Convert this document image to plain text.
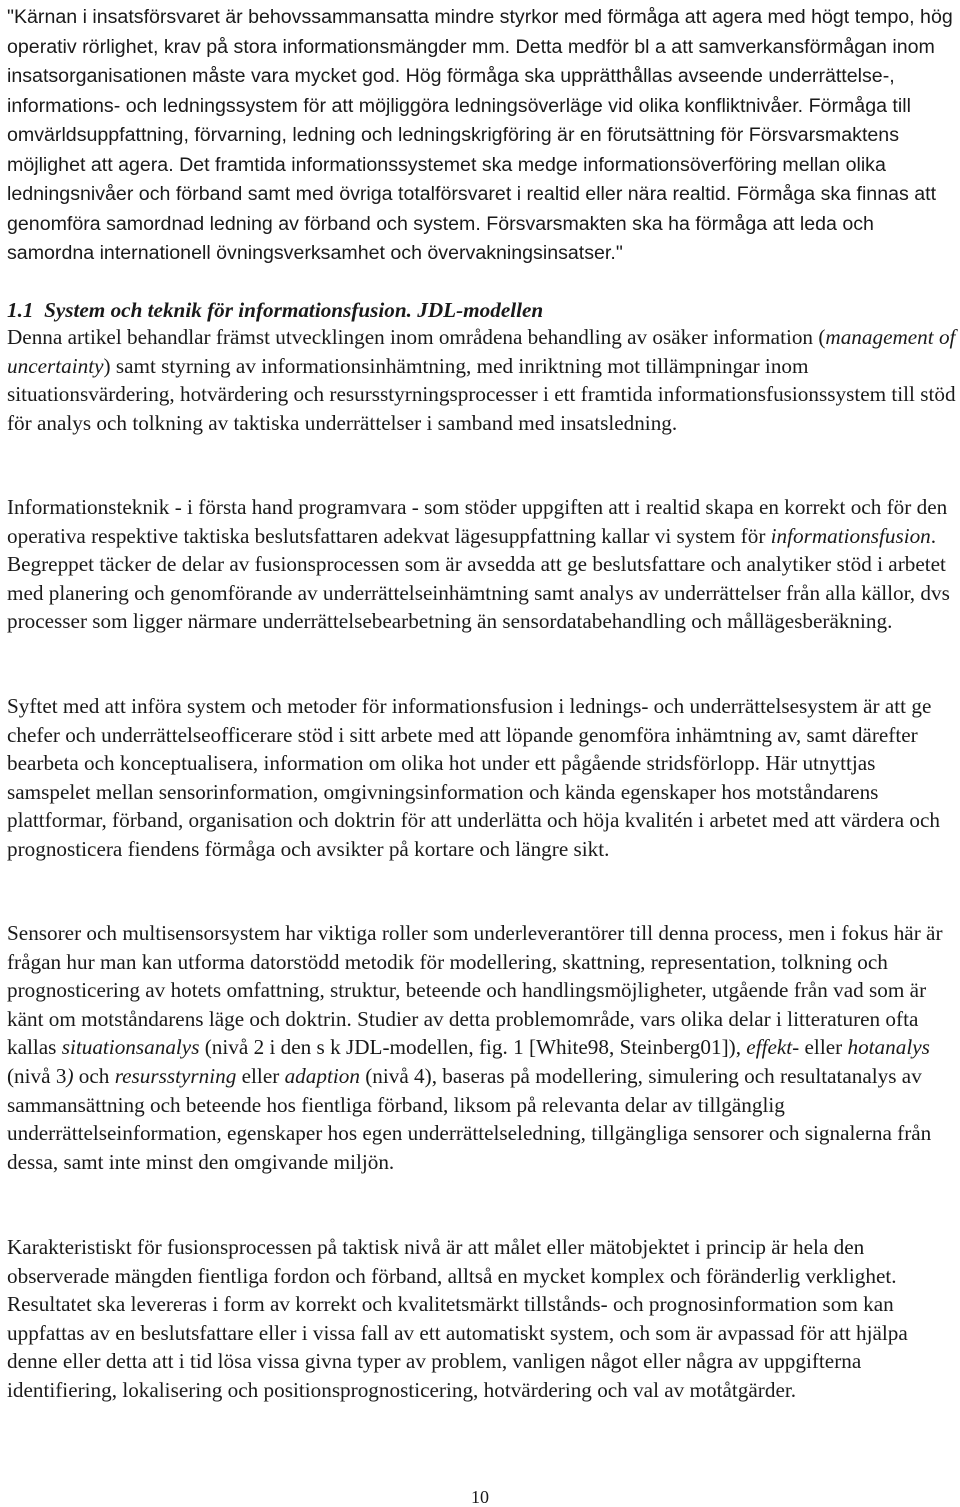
"Kärnan i insatsförsvaret är behovssammansatta mindre styrkor med förmåga att agera med högt tempo, hög operativ rörlighet, krav på stora informationsmängder mm. Detta medför bl a att samverkansförmågan inom insatsorganisationen måste vara mycket god. Hög förmåga ska upprätthållas avseende underrättelse-, informations- och ledningssystem för att möjliggöra ledningsöverläge vid olika konfliktnivåer. Förmåga till omvärldsuppfattning, förvarning, ledning och ledningskrigföring är en förutsättning för Försvarsmaktens möjlighet att agera. Det framtida informationssystemet ska medge informationsöverföring mellan olika ledningsnivåer och förband samt med övriga totalförsvaret i realtid eller nära realtid. Förmåga ska finnas att genomföra samordnad ledning av förband och system. Försvarsmakten ska ha förmåga att leda och samordna internationell övningsverksamhet och övervakningsinsatser."

1.1  System och teknik för informationsfusion. JDL-modellen

Denna artikel behandlar främst utvecklingen inom områdena behandling av osäker information (management of uncertainty) samt styrning av informationsinhämtning, med inriktning mot tillämpningar inom situationsvärdering, hotvärdering och resursstyrningsprocesser i ett framtida informationsfusionssystem till stöd för analys och tolkning av taktiska underrättelser i samband med insatsledning.

Informationsteknik - i första hand programvara - som stöder uppgiften att i realtid skapa en korrekt och för den operativa respektive taktiska beslutsfattaren adekvat lägesuppfattning kallar vi system för informationsfusion. Begreppet täcker de delar av fusionsprocessen som är avsedda att ge beslutsfattare och analytiker stöd i arbetet med planering och genomförande av underrättelseinhämtning samt analys av underrättelser från alla källor, dvs processer som ligger närmare underrättelsebearbetning än sensordatabehandling och mållägesberäkning.

Syftet med att införa system och metoder för informationsfusion i lednings- och underrättelsesystem är att ge chefer och underrättelseofficerare stöd i sitt arbete med att löpande genomföra inhämtning av, samt därefter bearbeta och konceptualisera, information om olika hot under ett pågående stridsförlopp. Här utnyttjas samspelet mellan sensorinformation, omgivningsinformation och kända egenskaper hos motståndarens plattformar, förband, organisation och doktrin för att underlätta och höja kvalitén i arbetet med att värdera och prognosticera fiendens förmåga och avsikter på kortare och längre sikt.

Sensorer och multisensorsystem har viktiga roller som underleverantörer till denna process, men i fokus här är frågan hur man kan utforma datorstödd metodik för modellering, skattning, representation, tolkning och prognosticering av hotets omfattning, struktur, beteende och handlingsmöjligheter, utgående från vad som är känt om motståndarens läge och doktrin. Studier av detta problemområde, vars olika delar i litteraturen ofta kallas situationsanalys (nivå 2 i den s k JDL-modellen, fig. 1 [White98, Steinberg01]), effekt- eller hotanalys (nivå 3) och resursstyrning eller adaption (nivå 4), baseras på modellering, simulering och resultatanalys av sammansättning och beteende hos fientliga förband, liksom på relevanta delar av tillgänglig underrättelseinformation, egenskaper hos egen underrättelseledning, tillgängliga sensorer och signalerna från dessa, samt inte minst den omgivande miljön.

Karakteristiskt för fusionsprocessen på taktisk nivå är att målet eller mätobjektet i princip är hela den observerade mängden fientliga fordon och förband, alltså en mycket komplex och föränderlig verklighet. Resultatet ska levereras i form av korrekt och kvalitetsmärkt tillstånds- och prognosinformation som kan uppfattas av en beslutsfattare eller i vissa fall av ett automatiskt system, och som är avpassad för att hjälpa denne eller detta att i tid lösa vissa givna typer av problem, vanligen något eller några av uppgifterna identifiering, lokalisering och positionsprognosticering, hotvärdering och val av motåtgärder.

10
